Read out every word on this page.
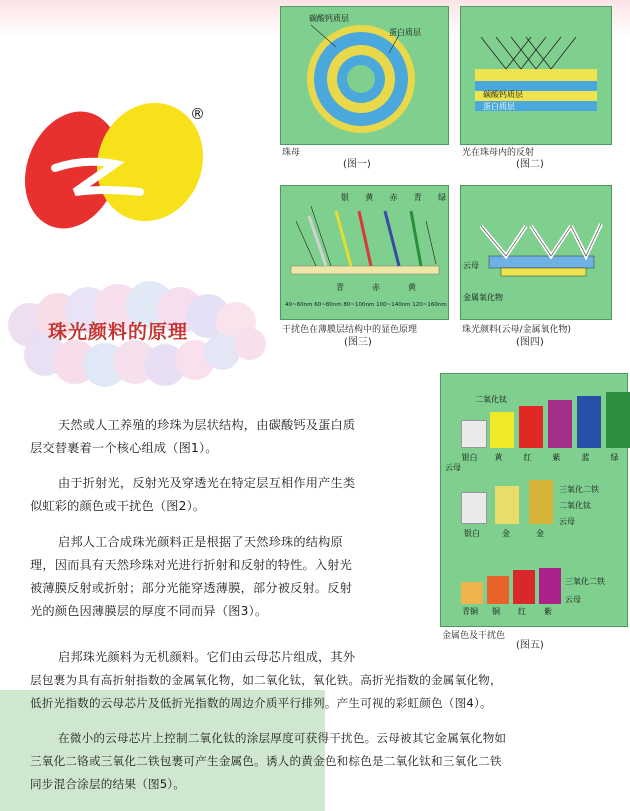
®
珠光颜料的原理
碳酸钙质层
蛋白质层
珠母
(图一)
碳酸钙质层
蛋白质层
光在珠母内的反射
(图二)
银 黄 赤 青 绿
青	赤	黄
40~60nm 60~80nm 80~100nm 100~140nm 120~160nm
干扰色在薄膜层结构中的显色原理
(图三)
云母
金属氧化物
珠光颜料(云母/金属氧化物)
(图四)
二氧化钛
云母
银白	黄	红	紫	蓝	绿
三氧化二铁
二氧化钛
云母
银白	金	金
三氧化二铁
云母
青铜	铜	红	紫
金属色及干扰色
(图五)
天然或人工养殖的珍珠为层状结构，由碳酸钙及蛋白质
层交替裹着一个核心组成（图1）。
由于折射光，反射光及穿透光在特定层互相作用产生类
似虹彩的颜色或干扰色（图2）。
启邦人工合成珠光颜料正是根据了天然珍珠的结构原
理，因而具有天然珍珠对光进行折射和反射的特性。入射光
被薄膜反射或折射；部分光能穿透薄膜，部分被反射。反射
光的颜色因薄膜层的厚度不同而异（图3）。
启邦珠光颜料为无机颜料。它们由云母芯片组成，其外
层包裹为具有高折射指数的金属氧化物，如二氧化钛，氧化铁。高折光指数的金属氧化物，
低折光指数的云母芯片及低折光指数的周边介质平行排列。产生可视的彩虹颜色（图4）。
在微小的云母芯片上控制二氧化钛的涂层厚度可获得干扰色。云母被其它金属氧化物如
三氧化二铬或三氧化二铁包裹可产生金属色。诱人的黄金色和棕色是二氧化钛和三氧化二铁
同步混合涂层的结果（图5）。
